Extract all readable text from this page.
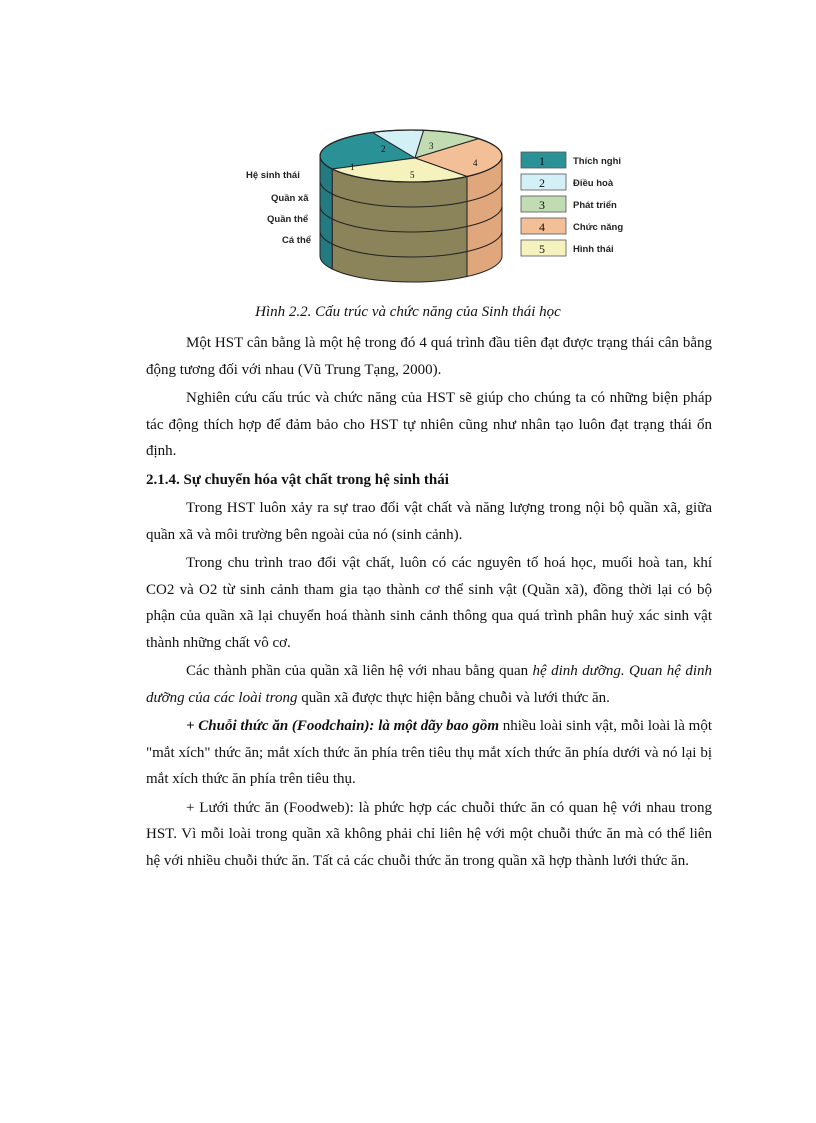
Hệ sinh thái
Quần xã
Quần thể
Cá thể
1
2	3
4
5
1	Thích nghi
2	Điều hoà
3	Phát triển
4	Chức năng
5	Hình thái

Hình 2.2. Cấu trúc và chức năng của Sinh thái học

Một HST cân bằng là một hệ trong đó 4 quá trình đầu tiên đạt được trạng thái cân bằng động tương đối với nhau (Vũ Trung Tạng, 2000).

Nghiên cứu cấu trúc và chức năng của HST sẽ giúp cho chúng ta có những biện pháp tác động thích hợp để đảm bảo cho HST tự nhiên cũng như nhân tạo luôn đạt trạng thái ổn định.

2.1.4. Sự chuyển hóa vật chất trong hệ sinh thái

Trong HST luôn xảy ra sự trao đổi vật chất và năng lượng trong nội bộ quần xã, giữa quần xã và môi trường bên ngoài của nó (sinh cảnh).

Trong chu trình trao đổi vật chất, luôn có các nguyên tố hoá học, muối hoà tan, khí CO2 và O2 từ sinh cảnh tham gia tạo thành cơ thể sinh vật (Quần xã), đồng thời lại có bộ phận của quần xã lại chuyển hoá thành sinh cảnh thông qua quá trình phân huỷ xác sinh vật thành những chất vô cơ.

Các thành phần của quần xã liên hệ với nhau bằng quan hệ dinh dưỡng. Quan hệ dinh dưỡng của các loài trong quần xã được thực hiện bằng chuỗi và lưới thức ăn.

+ Chuỗi thức ăn (Foodchain): là một dãy bao gồm nhiều loài sinh vật, mỗi loài là một "mắt xích" thức ăn; mắt xích thức ăn phía trên tiêu thụ mắt xích thức ăn phía dưới và nó lại bị mắt xích thức ăn phía trên tiêu thụ.

+ Lưới thức ăn (Foodweb): là phức hợp các chuỗi thức ăn có quan hệ với nhau trong HST. Vì mỗi loài trong quần xã không phải chỉ liên hệ với một chuỗi thức ăn mà có thể liên hệ với nhiều chuỗi thức ăn. Tất cả các chuỗi thức ăn trong quần xã hợp thành lưới thức ăn.
